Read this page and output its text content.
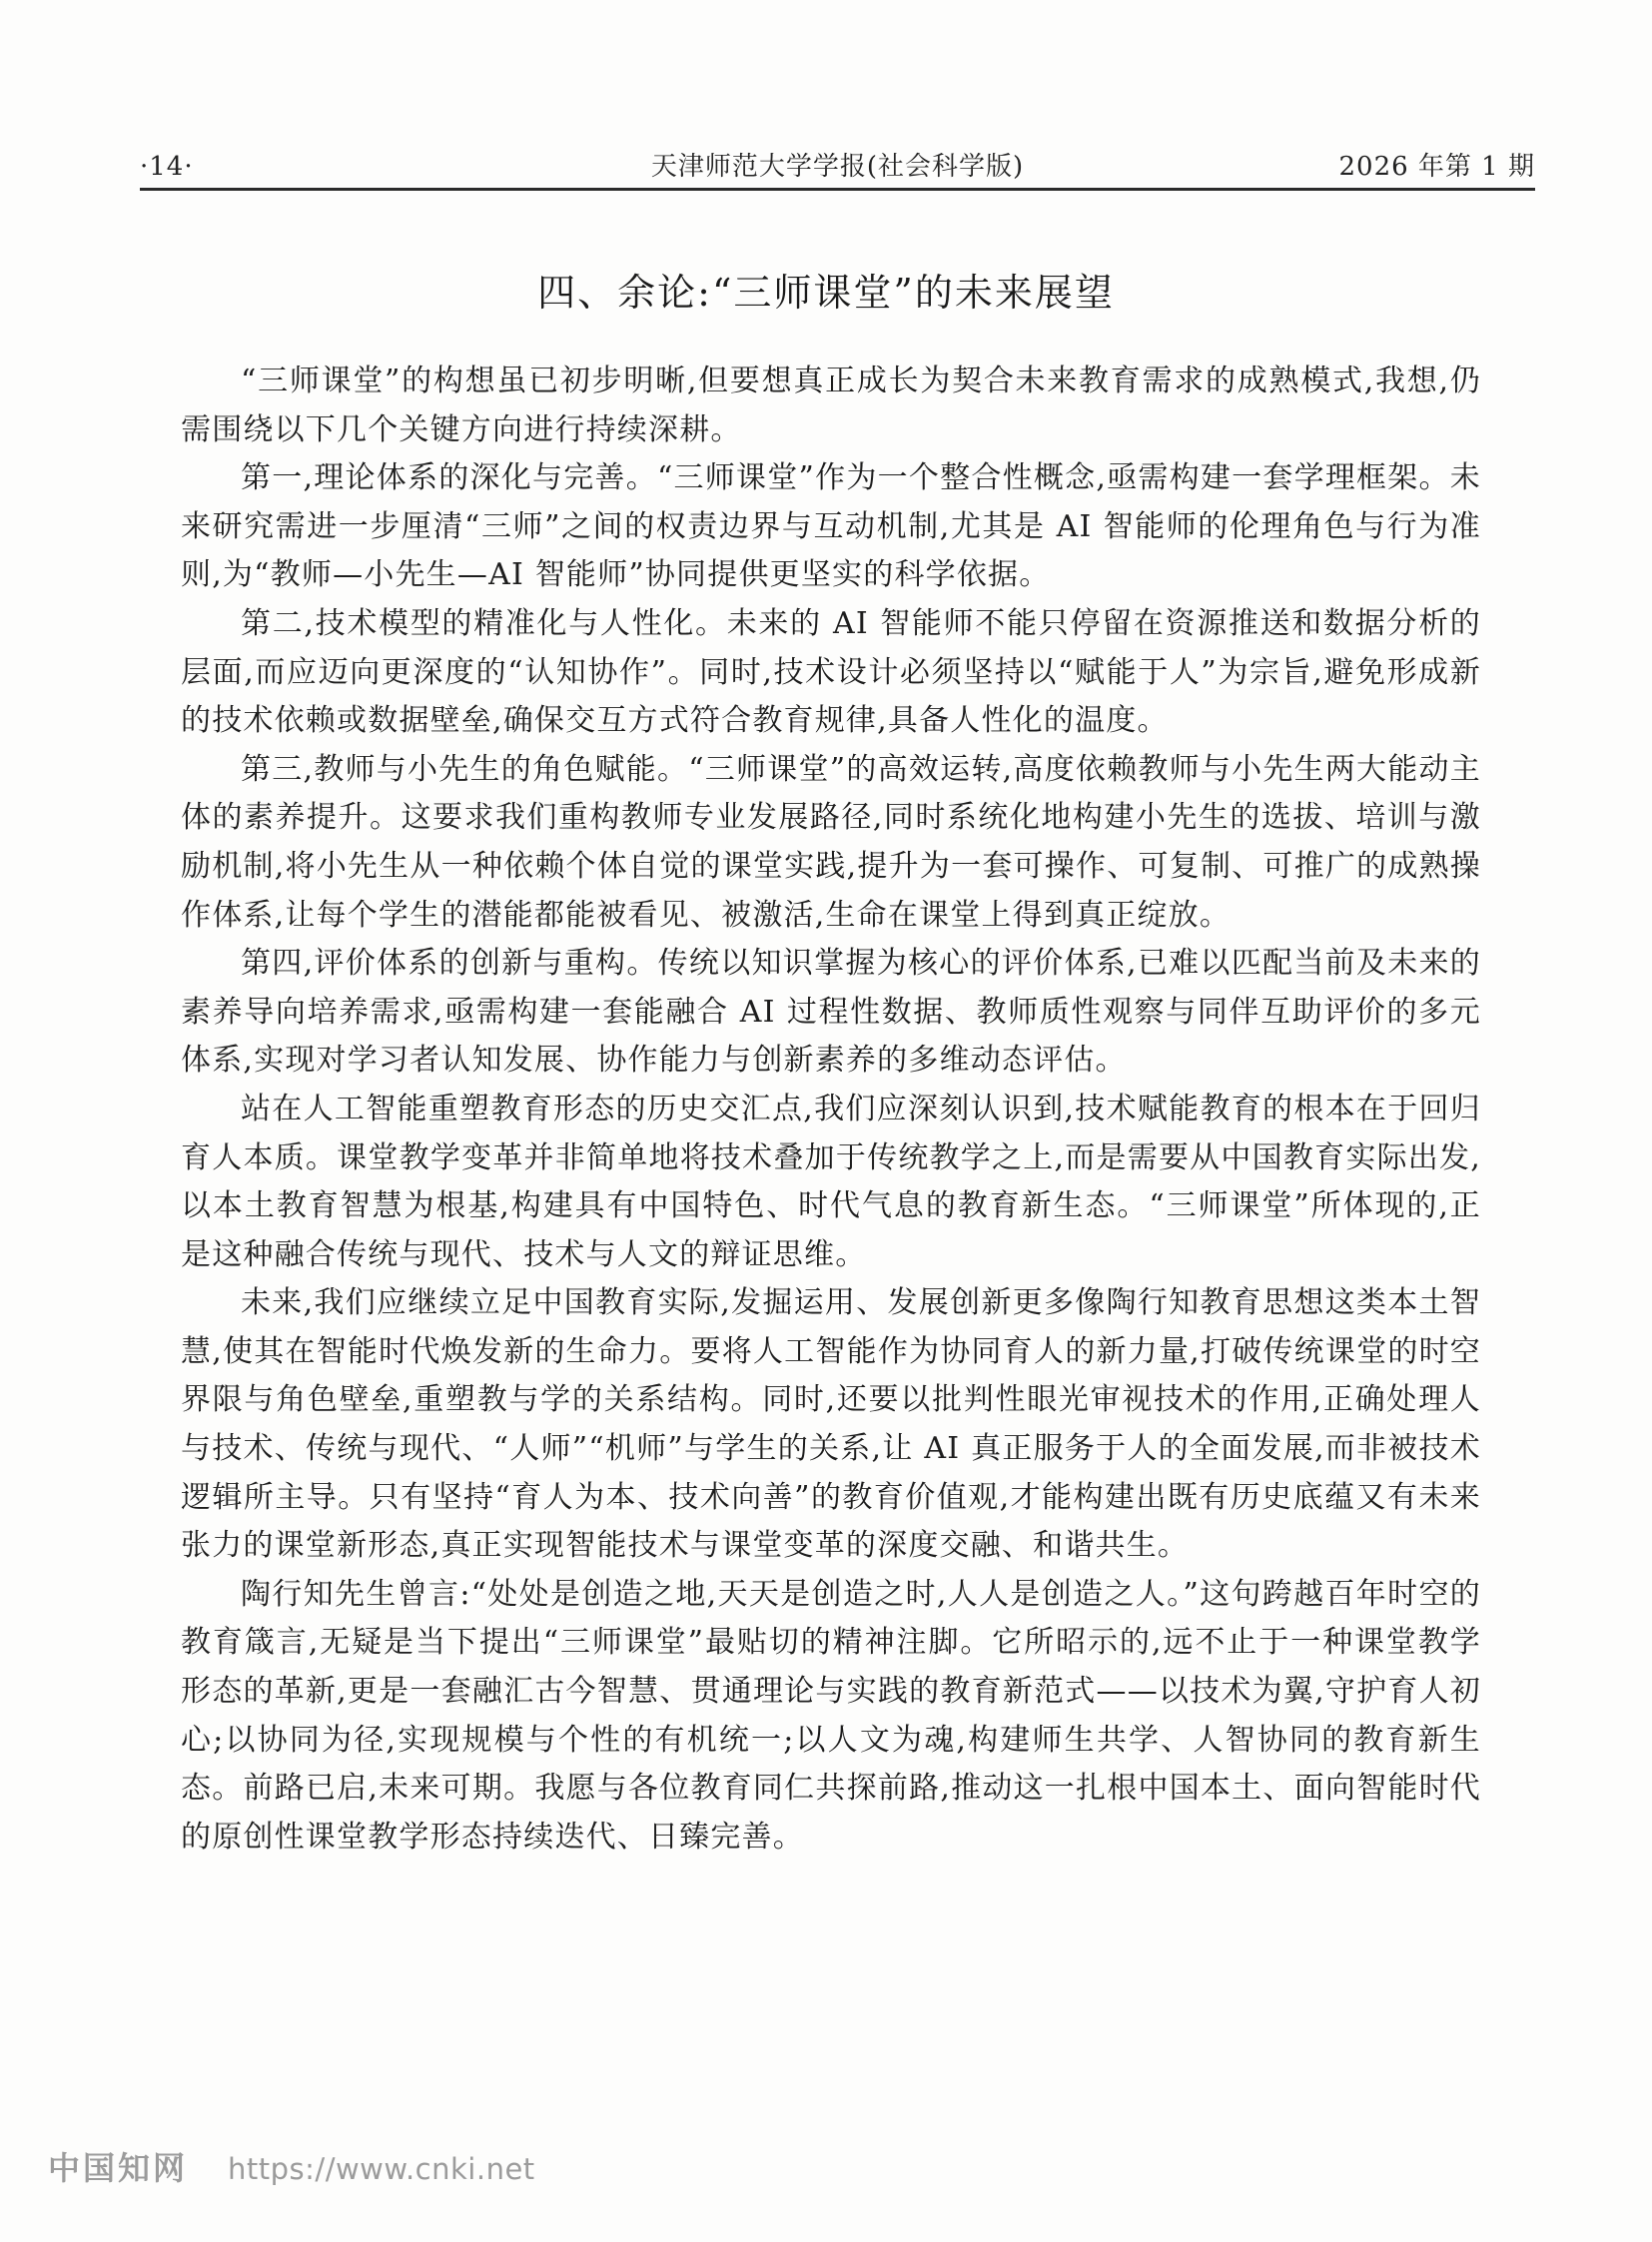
·14·	天津师范大学学报(社会科学版)	2026 年第 1 期
四、余论:“三师课堂”的未来展望

“三师课堂”的构想虽已初步明晰,但要想真正成长为契合未来教育需求的成熟模式,我想,仍需围绕以下几个关键方向进行持续深耕。

第一,理论体系的深化与完善。“三师课堂”作为一个整合性概念,亟需构建一套学理框架。未来研究需进一步厘清“三师”之间的权责边界与互动机制,尤其是 AI 智能师的伦理角色与行为准则,为“教师—小先生—AI 智能师”协同提供更坚实的科学依据。

第二,技术模型的精准化与人性化。未来的 AI 智能师不能只停留在资源推送和数据分析的层面,而应迈向更深度的“认知协作”。同时,技术设计必须坚持以“赋能于人”为宗旨,避免形成新的技术依赖或数据壁垒,确保交互方式符合教育规律,具备人性化的温度。

第三,教师与小先生的角色赋能。“三师课堂”的高效运转,高度依赖教师与小先生两大能动主体的素养提升。这要求我们重构教师专业发展路径,同时系统化地构建小先生的选拔、培训与激励机制,将小先生从一种依赖个体自觉的课堂实践,提升为一套可操作、可复制、可推广的成熟操作体系,让每个学生的潜能都能被看见、被激活,生命在课堂上得到真正绽放。

第四,评价体系的创新与重构。传统以知识掌握为核心的评价体系,已难以匹配当前及未来的素养导向培养需求,亟需构建一套能融合 AI 过程性数据、教师质性观察与同伴互助评价的多元体系,实现对学习者认知发展、协作能力与创新素养的多维动态评估。

站在人工智能重塑教育形态的历史交汇点,我们应深刻认识到,技术赋能教育的根本在于回归育人本质。课堂教学变革并非简单地将技术叠加于传统教学之上,而是需要从中国教育实际出发,以本土教育智慧为根基,构建具有中国特色、时代气息的教育新生态。“三师课堂”所体现的,正是这种融合传统与现代、技术与人文的辩证思维。

未来,我们应继续立足中国教育实际,发掘运用、发展创新更多像陶行知教育思想这类本土智慧,使其在智能时代焕发新的生命力。要将人工智能作为协同育人的新力量,打破传统课堂的时空界限与角色壁垒,重塑教与学的关系结构。同时,还要以批判性眼光审视技术的作用,正确处理人与技术、传统与现代、“人师”“机师”与学生的关系,让 AI 真正服务于人的全面发展,而非被技术逻辑所主导。只有坚持“育人为本、技术向善”的教育价值观,才能构建出既有历史底蕴又有未来张力的课堂新形态,真正实现智能技术与课堂变革的深度交融、和谐共生。

陶行知先生曾言:“处处是创造之地,天天是创造之时,人人是创造之人。”这句跨越百年时空的教育箴言,无疑是当下提出“三师课堂”最贴切的精神注脚。它所昭示的,远不止于一种课堂教学形态的革新,更是一套融汇古今智慧、贯通理论与实践的教育新范式——以技术为翼,守护育人初心;以协同为径,实现规模与个性的有机统一;以人文为魂,构建师生共学、人智协同的教育新生态。前路已启,未来可期。我愿与各位教育同仁共探前路,推动这一扎根中国本土、面向智能时代的原创性课堂教学形态持续迭代、日臻完善。

中国知网 https://www.cnki.net
